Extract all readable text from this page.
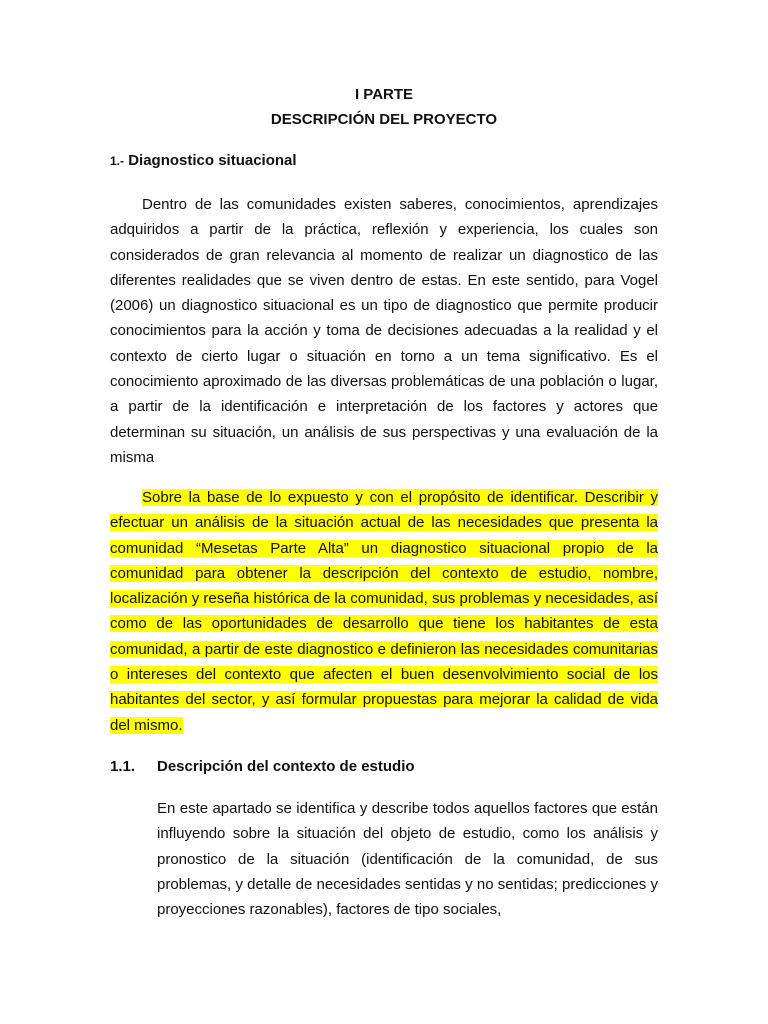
I PARTE
DESCRIPCIÓN DEL PROYECTO
1.- Diagnostico situacional

Dentro de las comunidades existen saberes, conocimientos, aprendizajes adquiridos a partir de la práctica, reflexión y experiencia, los cuales son considerados de gran relevancia al momento de realizar un diagnostico de las diferentes realidades que se viven dentro de estas. En este sentido, para Vogel (2006) un diagnostico situacional es un tipo de diagnostico que permite producir conocimientos para la acción y toma de decisiones adecuadas a la realidad y el contexto de cierto lugar o situación en torno a un tema significativo. Es el conocimiento aproximado de las diversas problemáticas de una población o lugar, a partir de la identificación e interpretación de los factores y actores que determinan su situación, un análisis de sus perspectivas y una evaluación de la misma

Sobre la base de lo expuesto y con el propósito de identificar. Describir y efectuar un análisis de la situación actual de las necesidades que presenta la comunidad “Mesetas Parte Alta” un diagnostico situacional propio de la comunidad para obtener la descripción del contexto de estudio, nombre, localización y reseña histórica de la comunidad, sus problemas y necesidades, así como de las oportunidades de desarrollo que tiene los habitantes de esta comunidad, a partir de este diagnostico e definieron las necesidades comunitarias o intereses del contexto que afecten el buen desenvolvimiento social de los habitantes del sector, y así formular propuestas para mejorar la calidad de vida del mismo.

1.1. Descripción del contexto de estudio

En este apartado se identifica y describe todos aquellos factores que están influyendo sobre la situación del objeto de estudio, como los análisis y pronostico de la situación (identificación de la comunidad, de sus problemas, y detalle de necesidades sentidas y no sentidas; predicciones y proyecciones razonables), factores de tipo sociales,
